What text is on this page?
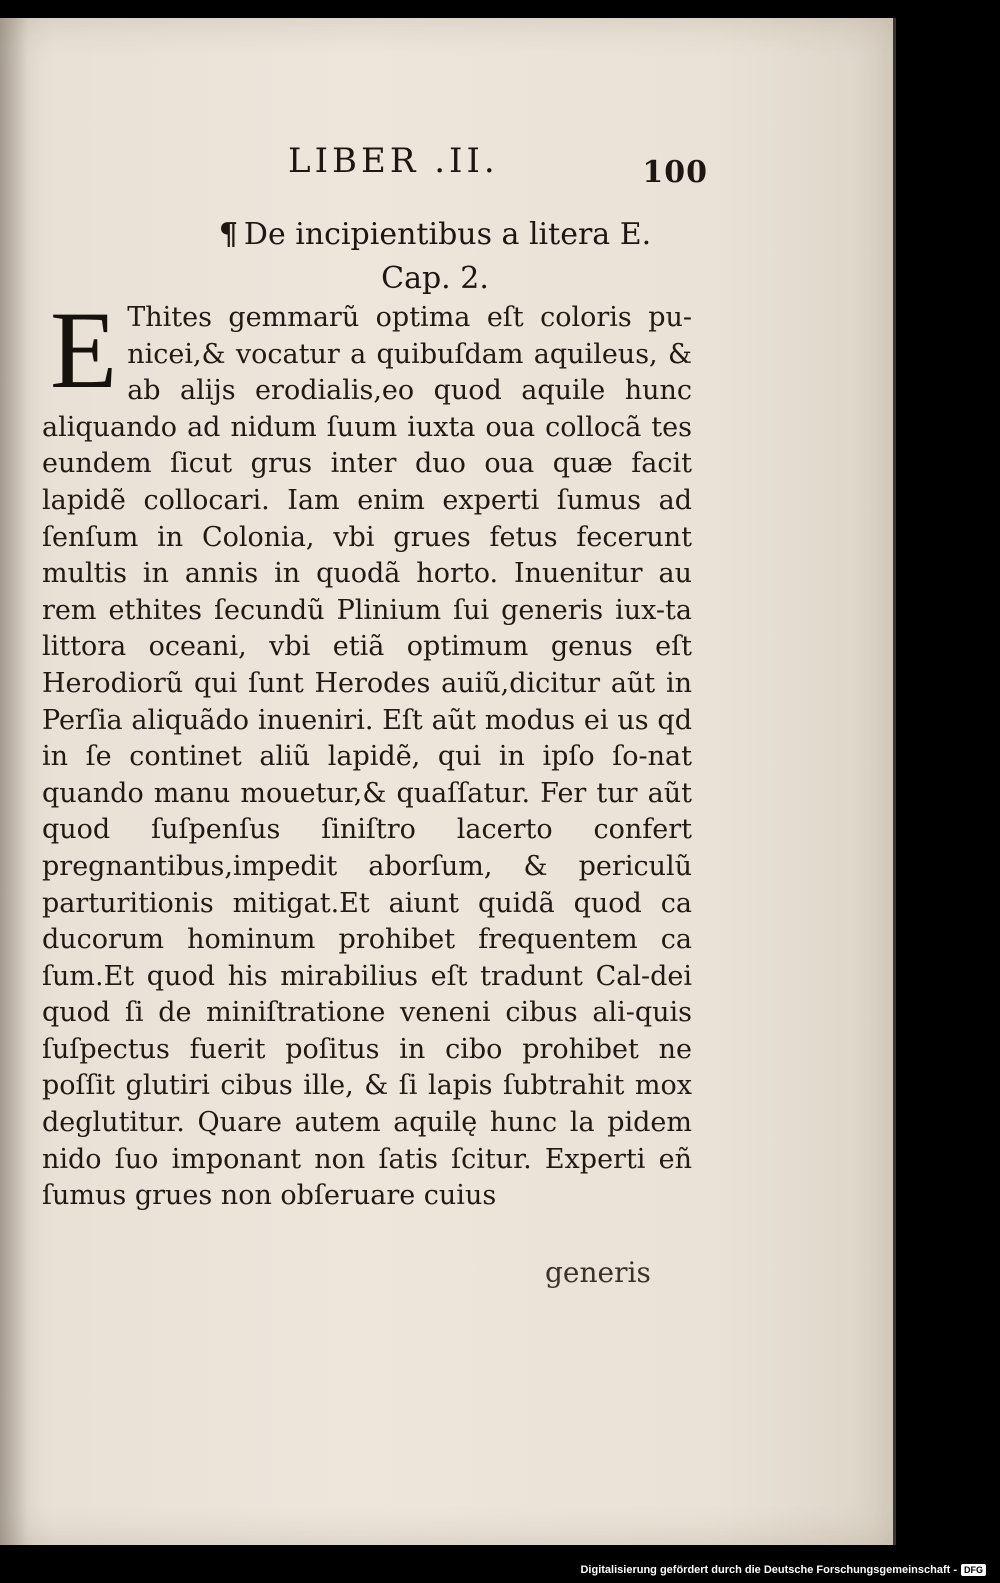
LIBER .II.	100
¶ De incipientibus a litera E.
Cap. 2.

E Thites gemmarũ optima eſt coloris pu-nicei,& vocatur a quibuſdam aquileus, & ab alijs erodialis,eo quod aquile hunc aliquando ad nidum ſuum iuxta oua collocã tes eundem ſicut grus inter duo oua quæ facit lapidẽ collocari. Iam enim experti ſumus ad ſenſum in Colonia, vbi grues fetus fecerunt multis in annis in quodã horto. Inuenitur au rem ethites ſecundũ Plinium ſui generis iux-ta littora oceani, vbi etiã optimum genus eſt Herodiorũ qui ſunt Herodes auiũ,dicitur aũt in Perſia aliquãdo inueniri. Eſt aũt modus ei us qd in ſe continet aliũ lapidẽ, qui in ipſo ſo-nat quando manu mouetur,& quaſſatur. Fer tur aũt quod ſuſpenſus ſiniſtro lacerto confert pregnantibus,impedit aborſum, & periculũ parturitionis mitigat.Et aiunt quidã quod ca ducorum hominum prohibet frequentem ca ſum.Et quod his mirabilius eſt tradunt Cal-dei quod ſi de miniſtratione veneni cibus ali-quis ſuſpectus fuerit poſitus in cibo prohibet ne poſſit glutiri cibus ille, & ſi lapis ſubtrahit mox deglutitur. Quare autem aquilę hunc la pidem nido ſuo imponant non ſatis ſcitur. Experti eñ ſumus grues non obſeruare cuius

generis
Digitalisierung gefördert durch die Deutsche Forschungsgemeinschaft - DFG
